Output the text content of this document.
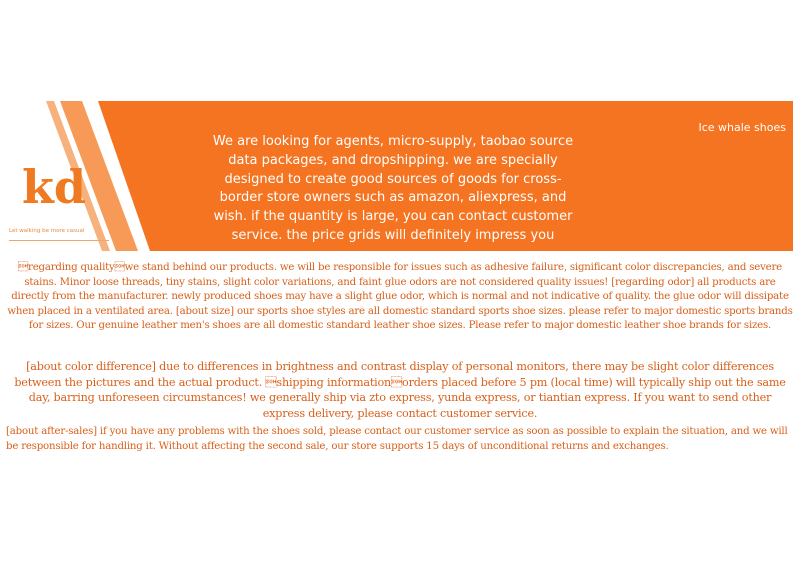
kd
Let walking be more casual
Ice whale shoes

We are looking for agents, micro-supply, taobao source data packages, and dropshipping. we are specially designed to create good sources of goods for cross-border store owners such as amazon, aliexpress, and wish. if the quantity is large, you can contact customer service. the price grids will definitely impress you

regarding qualitywe stand behind our products. we will be responsible for issues such as adhesive failure, significant color discrepancies, and severe stains. Minor loose threads, tiny stains, slight color variations, and faint glue odors are not considered quality issues! [regarding odor] all products are directly from the manufacturer. newly produced shoes may have a slight glue odor, which is normal and not indicative of quality. the glue odor will dissipate when placed in a ventilated area. [about size] our sports shoe styles are all domestic standard sports shoe sizes. please refer to major domestic sports brands for sizes. Our genuine leather men's shoes are all domestic standard leather shoe sizes. Please refer to major domestic leather shoe brands for sizes.

[about color difference] due to differences in brightness and contrast display of personal monitors, there may be slight color differences between the pictures and the actual product. shipping informationorders placed before 5 pm (local time) will typically ship out the same day, barring unforeseen circumstances! we generally ship via zto express, yunda express, or tiantian express. If you want to send other express delivery, please contact customer service.

[about after-sales] if you have any problems with the shoes sold, please contact our customer service as soon as possible to explain the situation, and we will be responsible for handling it. Without affecting the second sale, our store supports 15 days of unconditional returns and exchanges.
